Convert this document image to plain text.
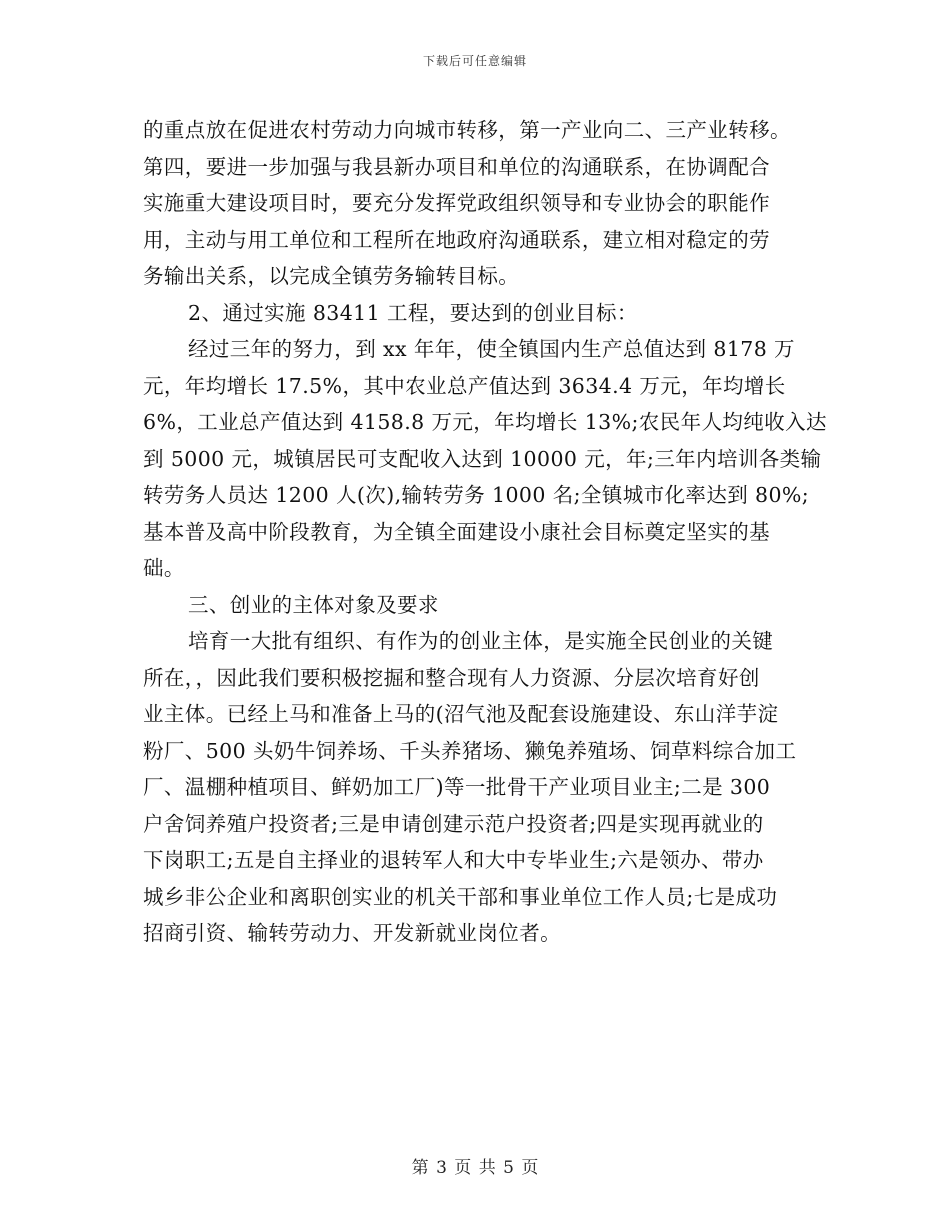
下载后可任意编辑
的重点放在促进农村劳动力向城市转移，第一产业向二、三产业转移。
第四，要进一步加强与我县新办项目和单位的沟通联系，在协调配合
实施重大建设项目时，要充分发挥党政组织领导和专业协会的职能作
用，主动与用工单位和工程所在地政府沟通联系，建立相对稳定的劳
务输出关系，以完成全镇劳务输转目标。
2、通过实施 83411 工程，要达到的创业目标：
经过三年的努力，到 xx 年年，使全镇国内生产总值达到 8178 万
元，年均增长 17.5%，其中农业总产值达到 3634.4 万元，年均增长
6%，工业总产值达到 4158.8 万元，年均增长 13%;农民年人均纯收入达
到 5000 元，城镇居民可支配收入达到 10000 元，年;三年内培训各类输
转劳务人员达 1200 人(次),输转劳务 1000 名;全镇城市化率达到 80%;
基本普及高中阶段教育，为全镇全面建设小康社会目标奠定坚实的基
础。
三、创业的主体对象及要求
培育一大批有组织、有作为的创业主体，是实施全民创业的关键
所在，，因此我们要积极挖掘和整合现有人力资源、分层次培育好创
业主体。已经上马和准备上马的(沼气池及配套设施建设、东山洋芋淀
粉厂、500 头奶牛饲养场、千头养猪场、獭兔养殖场、饲草料综合加工
厂、温棚种植项目、鲜奶加工厂)等一批骨干产业项目业主;二是 300
户舍饲养殖户投资者;三是申请创建示范户投资者;四是实现再就业的
下岗职工;五是自主择业的退转军人和大中专毕业生;六是领办、带办
城乡非公企业和离职创实业的机关干部和事业单位工作人员;七是成功
招商引资、输转劳动力、开发新就业岗位者。
第 3 页 共 5 页
